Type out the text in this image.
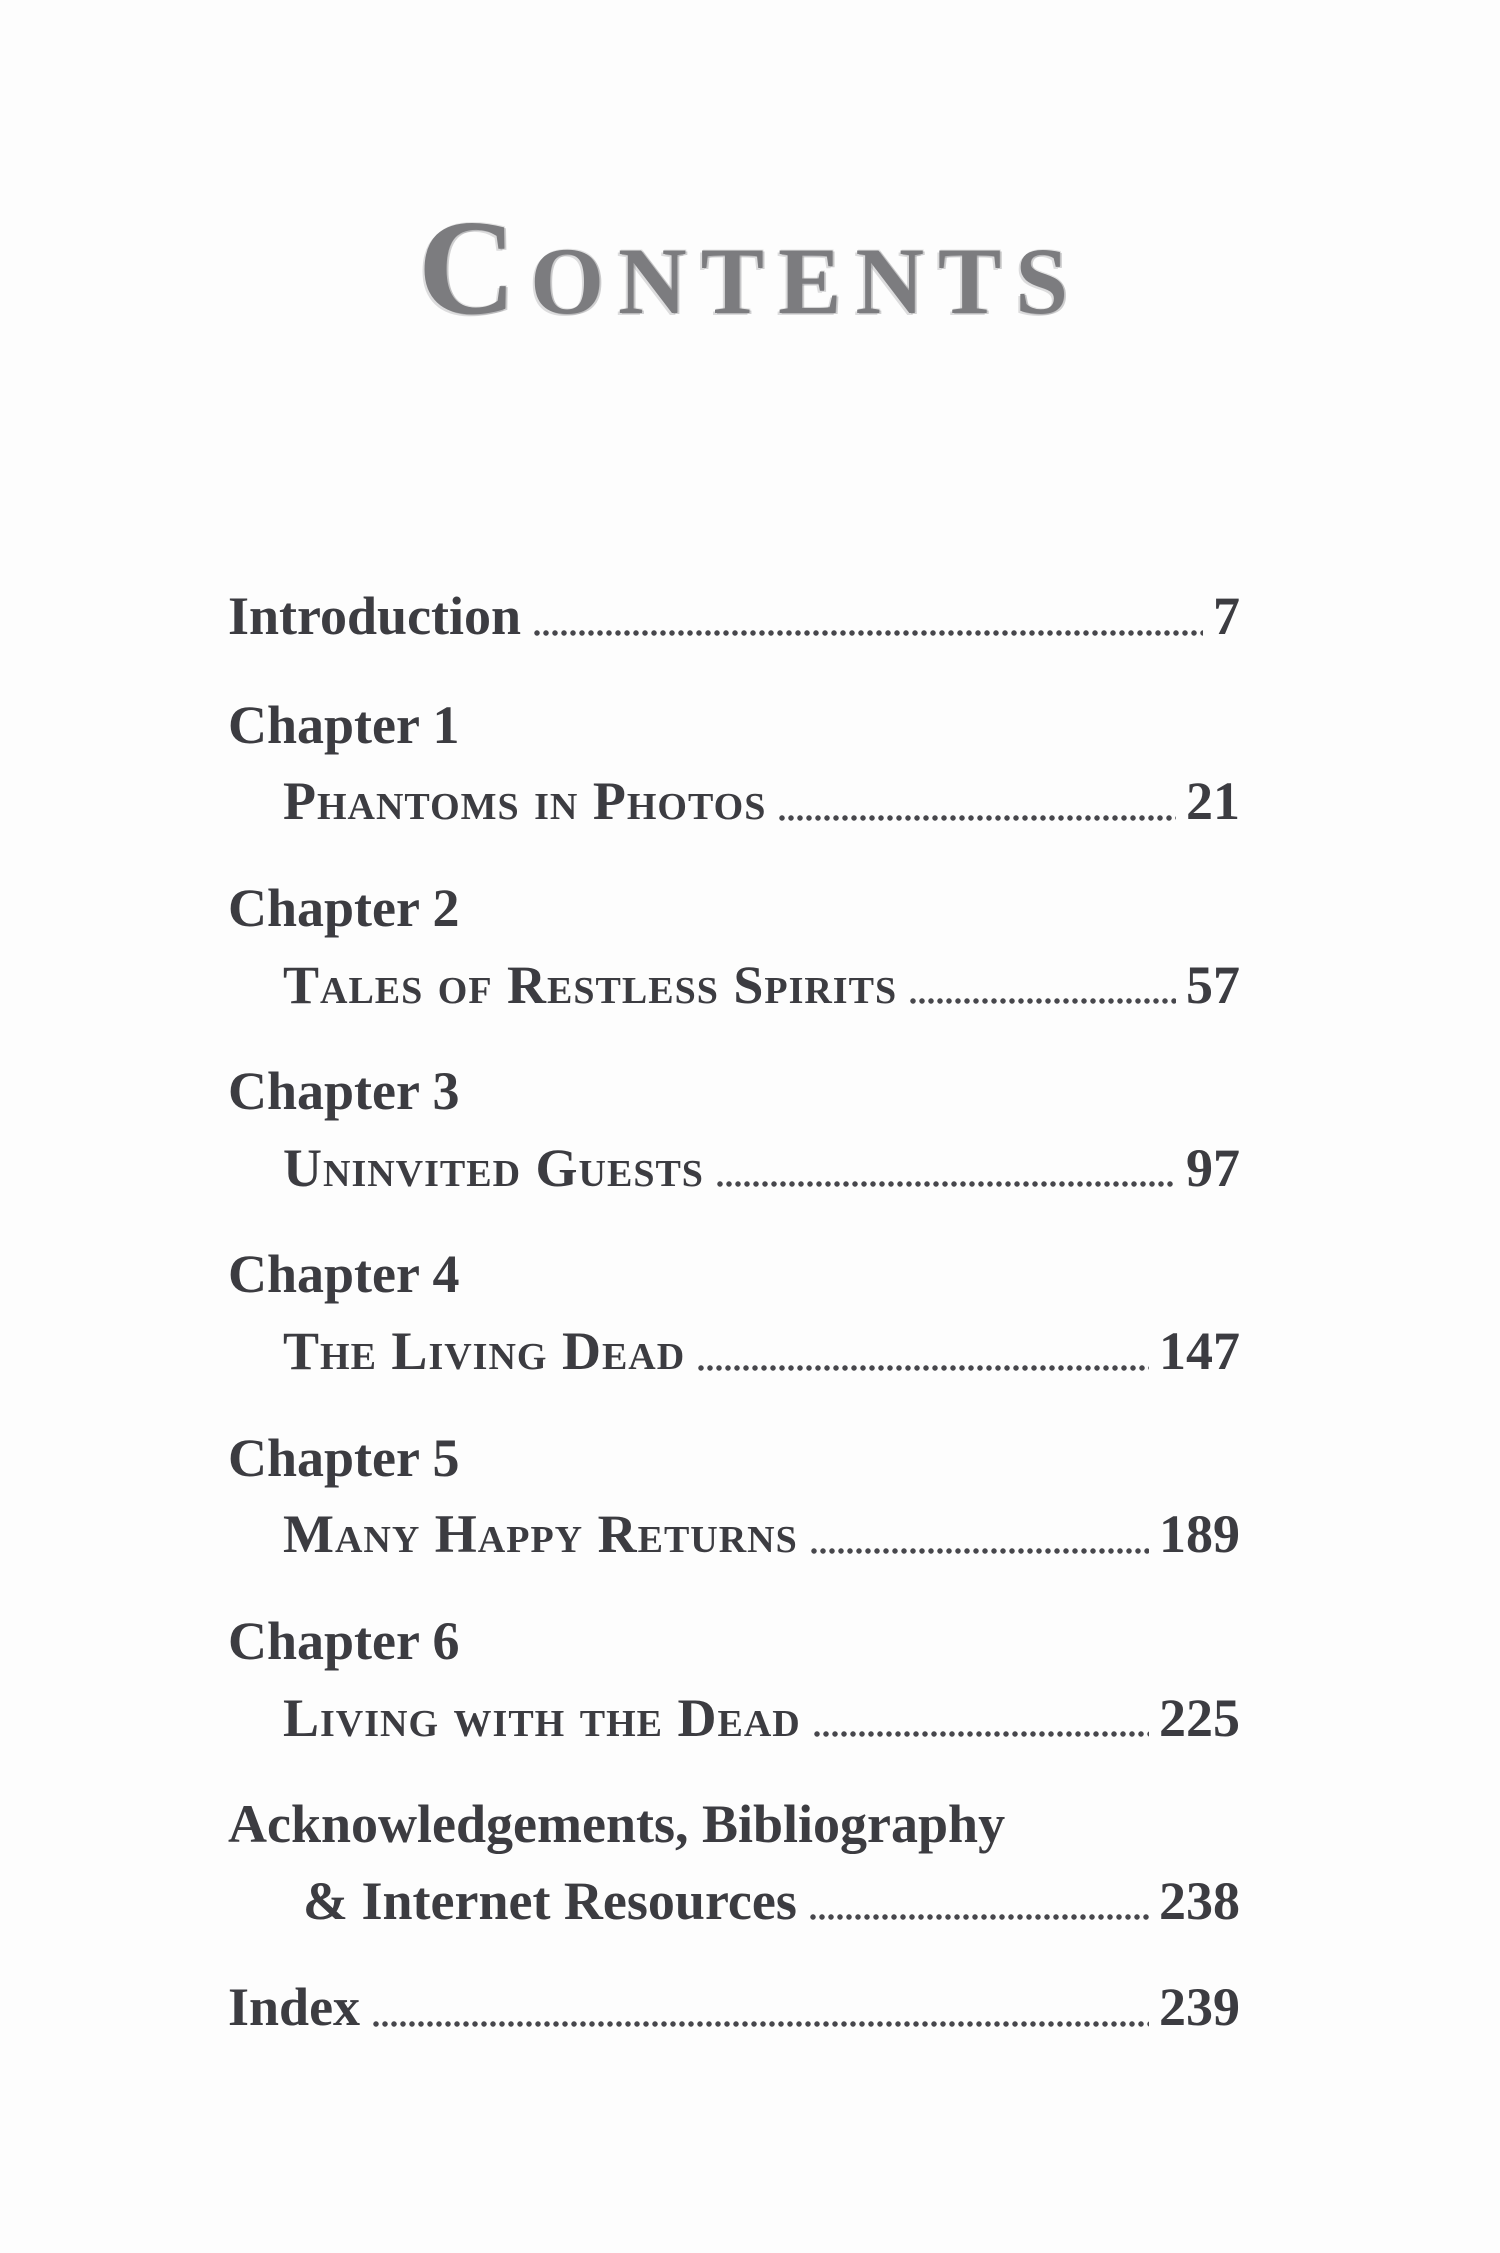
Contents
Introduction	7
Chapter 1
Phantoms in Photos	21
Chapter 2
Tales of Restless Spirits	57
Chapter 3
Uninvited Guests	97
Chapter 4
The Living Dead	147
Chapter 5
Many Happy Returns	189
Chapter 6
Living with the Dead	225
Acknowledgements, Bibliography
& Internet Resources	238
Index	239
